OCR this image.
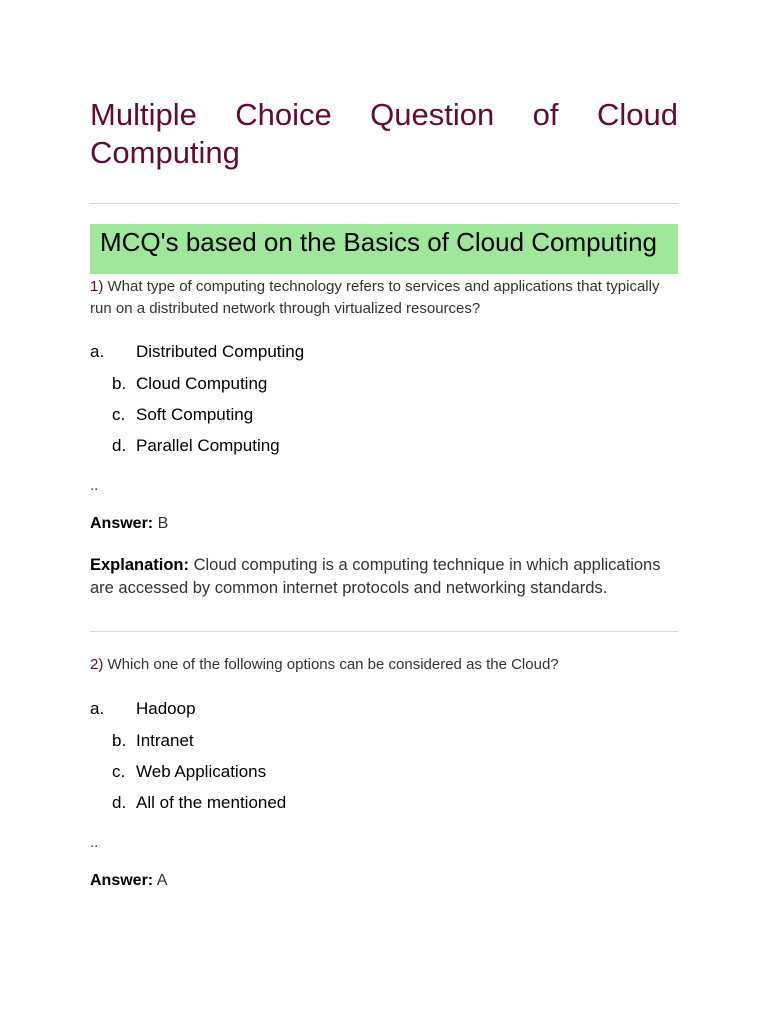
Multiple Choice Question of Cloud
Computing
MCQ's based on the Basics of Cloud Computing

1) What type of computing technology refers to services and applications that typically run on a distributed network through virtualized resources?

a.	Distributed Computing
b. Cloud Computing
c. Soft Computing
d. Parallel Computing

..

Answer: B

Explanation: Cloud computing is a computing technique in which applications are accessed by common internet protocols and networking standards.

2) Which one of the following options can be considered as the Cloud?

a.	Hadoop
b. Intranet
c. Web Applications
d. All of the mentioned

..

Answer: A
